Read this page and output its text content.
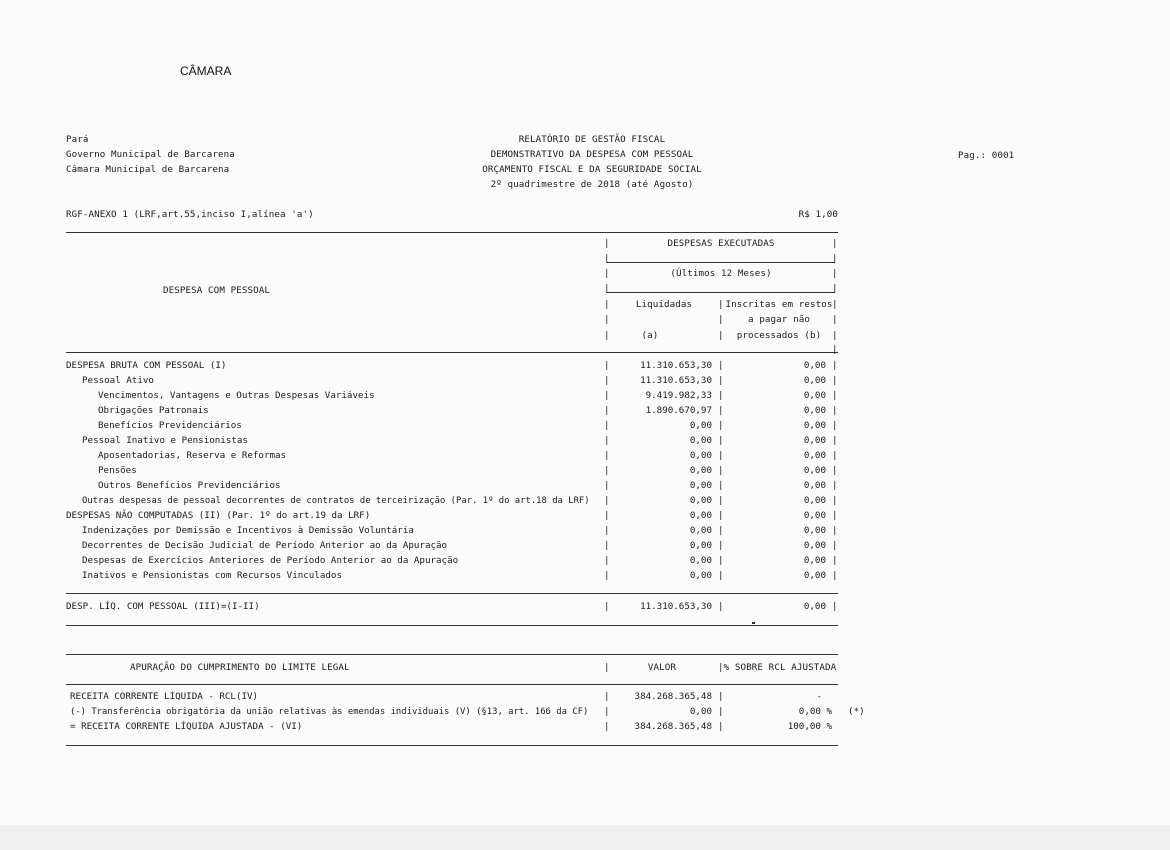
CÂMARA
Pará
Governo Municipal de Barcarena
Câmara Municipal de Barcarena
RELATÓRIO DE GESTÃO FISCAL
DEMONSTRATIVO DA DESPESA COM PESSOAL
ORÇAMENTO FISCAL E DA SEGURIDADE SOCIAL
2º quadrimestre de 2018 (até Agosto)
Pag.: 0001
RGF-ANEXO 1 (LRF,art.55,inciso I,alínea 'a')	R$ 1,00
DESPESA COM PESSOAL
|	DESPESAS EXECUTADAS	|
|	|
|	(Últimos 12 Meses)	|
|	|
|	Liquidadas	| Inscritas em restos |
|	|	a pagar não	|
|	(a)	|	processados (b)	|
|
DESPESA BRUTA COM PESSOAL (I)	|	11.310.653,30 |	0,00 |
Pessoal Ativo	|	11.310.653,30 |	0,00 |
Vencimentos, Vantagens e Outras Despesas Variáveis	|	9.419.982,33 |	0,00 |
Obrigações Patronais	|	1.890.670,97 |	0,00 |
Benefícios Previdenciários	|	0,00 |	0,00 |
Pessoal Inativo e Pensionistas	|	0,00 |	0,00 |
Aposentadorias, Reserva e Reformas	|	0,00 |	0,00 |
Pensões	|	0,00 |	0,00 |
Outros Benefícios Previdenciários	|	0,00 |	0,00 |
Outras despesas de pessoal decorrentes de contratos de terceirização (Par. 1º do art.18 da LRF) |	0,00 |	0,00 |
DESPESAS NÃO COMPUTADAS (II) (Par. 1º do art.19 da LRF)	|	0,00 |	0,00 |
Indenizações por Demissão e Incentivos à Demissão Voluntária	|	0,00 |	0,00 |
Decorrentes de Decisão Judicial de Período Anterior ao da Apuração	|	0,00 |	0,00 |
Despesas de Exercícios Anteriores de Período Anterior ao da Apuração	|	0,00 |	0,00 |
Inativos e Pensionistas com Recursos Vinculados	|	0,00 |	0,00 |
DESP. LÍQ. COM PESSOAL (III)=(I-II)	|	11.310.653,30 |	0,00 |
APURAÇÃO DO CUMPRIMENTO DO LIMITE LEGAL	|	VALOR	|% SOBRE RCL AJUSTADA
RECEITA CORRENTE LÍQUIDA - RCL(IV)	|	384.268.365,48 |	-
(-) Transferência obrigatória da união relativas às emendas individuais (V) (§13, art. 166 da CF) |	0,00 |	0,00 % (*)
= RECEITA CORRENTE LÍQUIDA AJUSTADA - (VI)	|	384.268.365,48 |	100,00 %
